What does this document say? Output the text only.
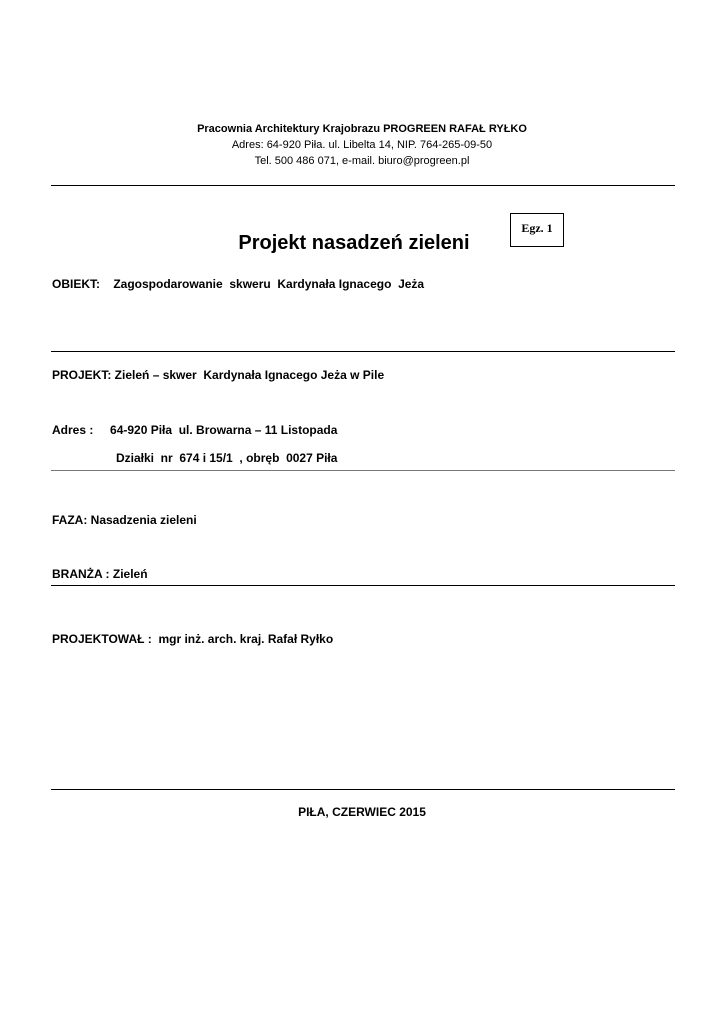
Pracownia Architektury Krajobrazu PROGREEN RAFAŁ RYŁKO
Adres: 64-920 Piła. ul. Libelta 14, NIP. 764-265-09-50
Tel. 500 486 071, e-mail. biuro@progreen.pl
Projekt nasadzeń zieleni
Egz. 1
OBIEKT:    Zagospodarowanie  skweru  Kardynała Ignacego  Jeża
PROJEKT: Zieleń – skwer  Kardynała Ignacego Jeża w Pile
Adres :     64-920 Piła  ul. Browarna – 11 Listopada
Działki  nr  674 i 15/1  , obręb  0027 Piła
FAZA: Nasadzenia zieleni
BRANŻA : Zieleń
PROJEKTOWAŁ :  mgr inż. arch. kraj. Rafał Ryłko
PIŁA, CZERWIEC 2015
